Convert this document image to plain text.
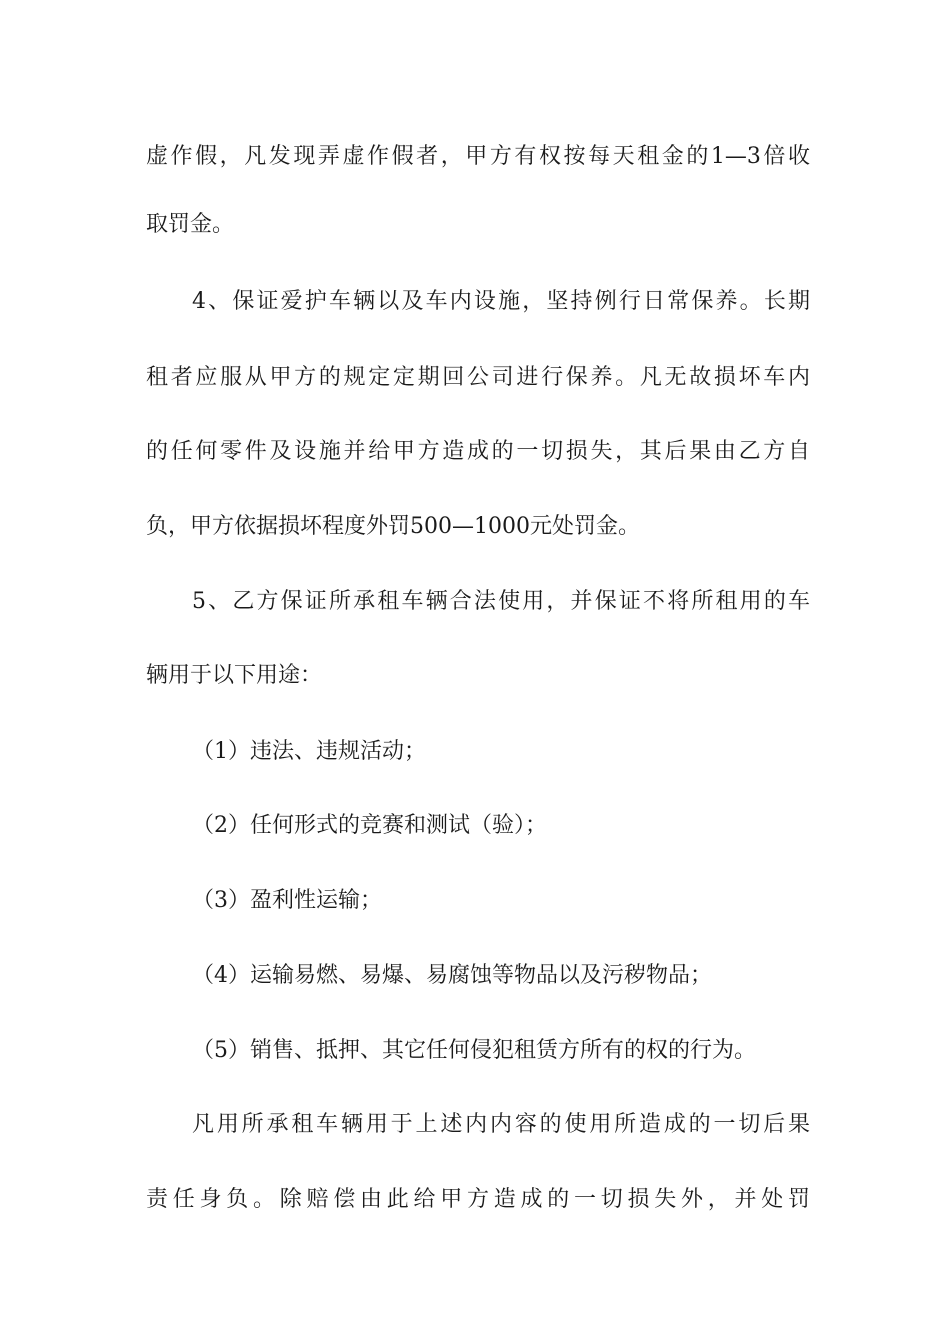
虚作假，凡发现弄虚作假者，甲方有权按每天租金的1—3倍收
取罚金。
4、保证爱护车辆以及车内设施，坚持例行日常保养。长期
租者应服从甲方的规定定期回公司进行保养。凡无故损坏车内
的任何零件及设施并给甲方造成的一切损失，其后果由乙方自
负，甲方依据损坏程度外罚500—1000元处罚金。
5、乙方保证所承租车辆合法使用，并保证不将所租用的车
辆用于以下用途：
（1）违法、违规活动；
（2）任何形式的竞赛和测试（验）；
（3）盈利性运输；
（4）运输易燃、易爆、易腐蚀等物品以及污秽物品；
（5）销售、抵押、其它任何侵犯租赁方所有的权的行为。
凡用所承租车辆用于上述内内容的使用所造成的一切后果
责任身负。除赔偿由此给甲方造成的一切损失外，并处罚
